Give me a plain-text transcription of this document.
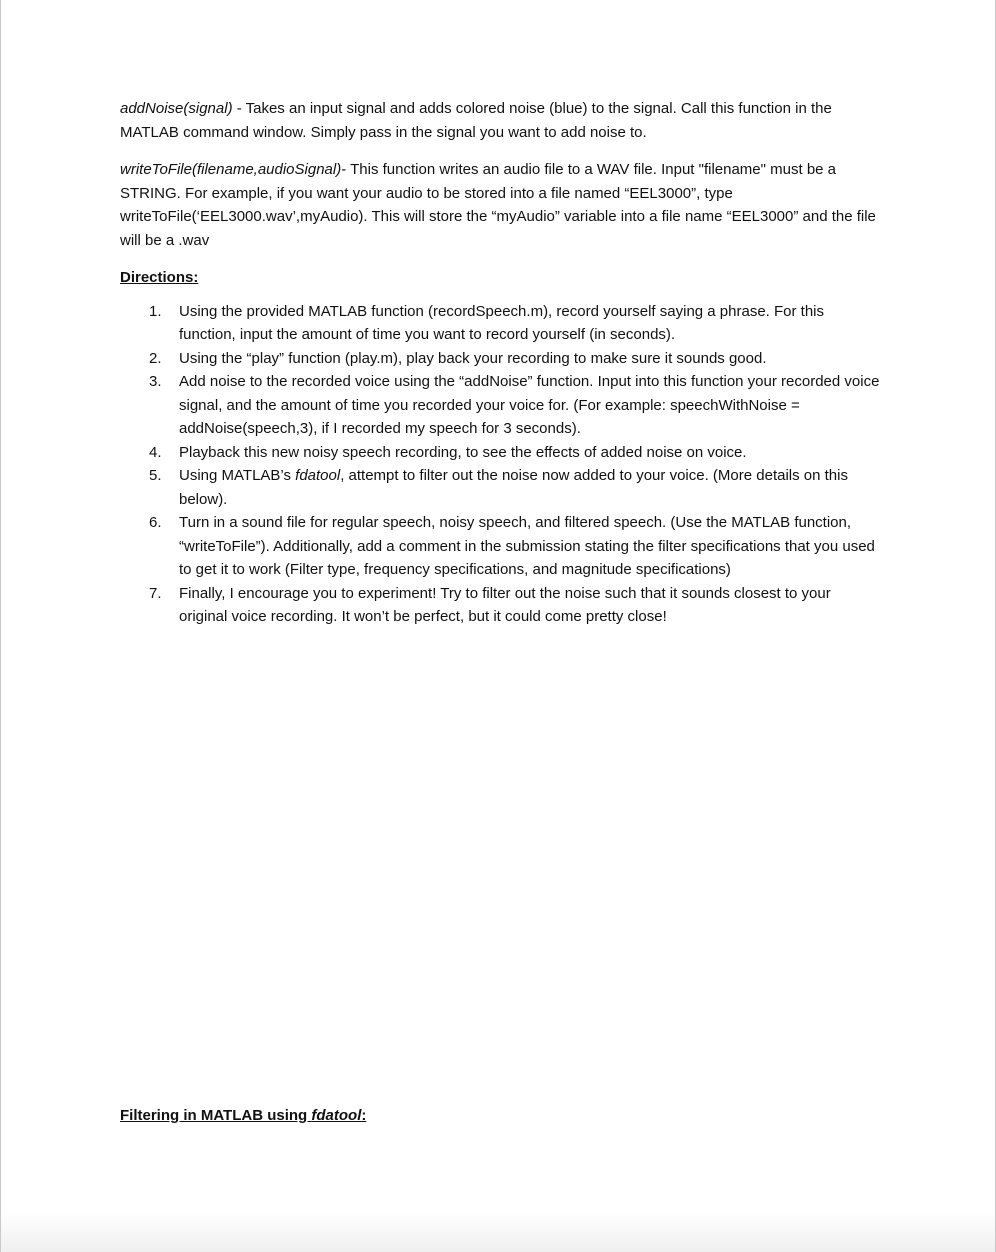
addNoise(signal) - Takes an input signal and adds colored noise (blue) to the signal. Call this function in the MATLAB command window. Simply pass in the signal you want to add noise to.

writeToFile(filename,audioSignal)- This function writes an audio file to a WAV file. Input "filename" must be a STRING. For example, if you want your audio to be stored into a file named “EEL3000”, type writeToFile(‘EEL3000.wav’,myAudio). This will store the “myAudio” variable into a file name “EEL3000” and the file will be a .wav

Directions:

1. Using the provided MATLAB function (recordSpeech.m), record yourself saying a phrase. For this function, input the amount of time you want to record yourself (in seconds).
2. Using the “play” function (play.m), play back your recording to make sure it sounds good.
3. Add noise to the recorded voice using the “addNoise” function. Input into this function your recorded voice signal, and the amount of time you recorded your voice for. (For example: speechWithNoise = addNoise(speech,3), if I recorded my speech for 3 seconds).
4. Playback this new noisy speech recording, to see the effects of added noise on voice.
5. Using MATLAB’s fdatool, attempt to filter out the noise now added to your voice. (More details on this below).
6. Turn in a sound file for regular speech, noisy speech, and filtered speech. (Use the MATLAB function, “writeToFile”). Additionally, add a comment in the submission stating the filter specifications that you used to get it to work (Filter type, frequency specifications, and magnitude specifications)
7. Finally, I encourage you to experiment! Try to filter out the noise such that it sounds closest to your original voice recording. It won’t be perfect, but it could come pretty close!

Filtering in MATLAB using fdatool:
